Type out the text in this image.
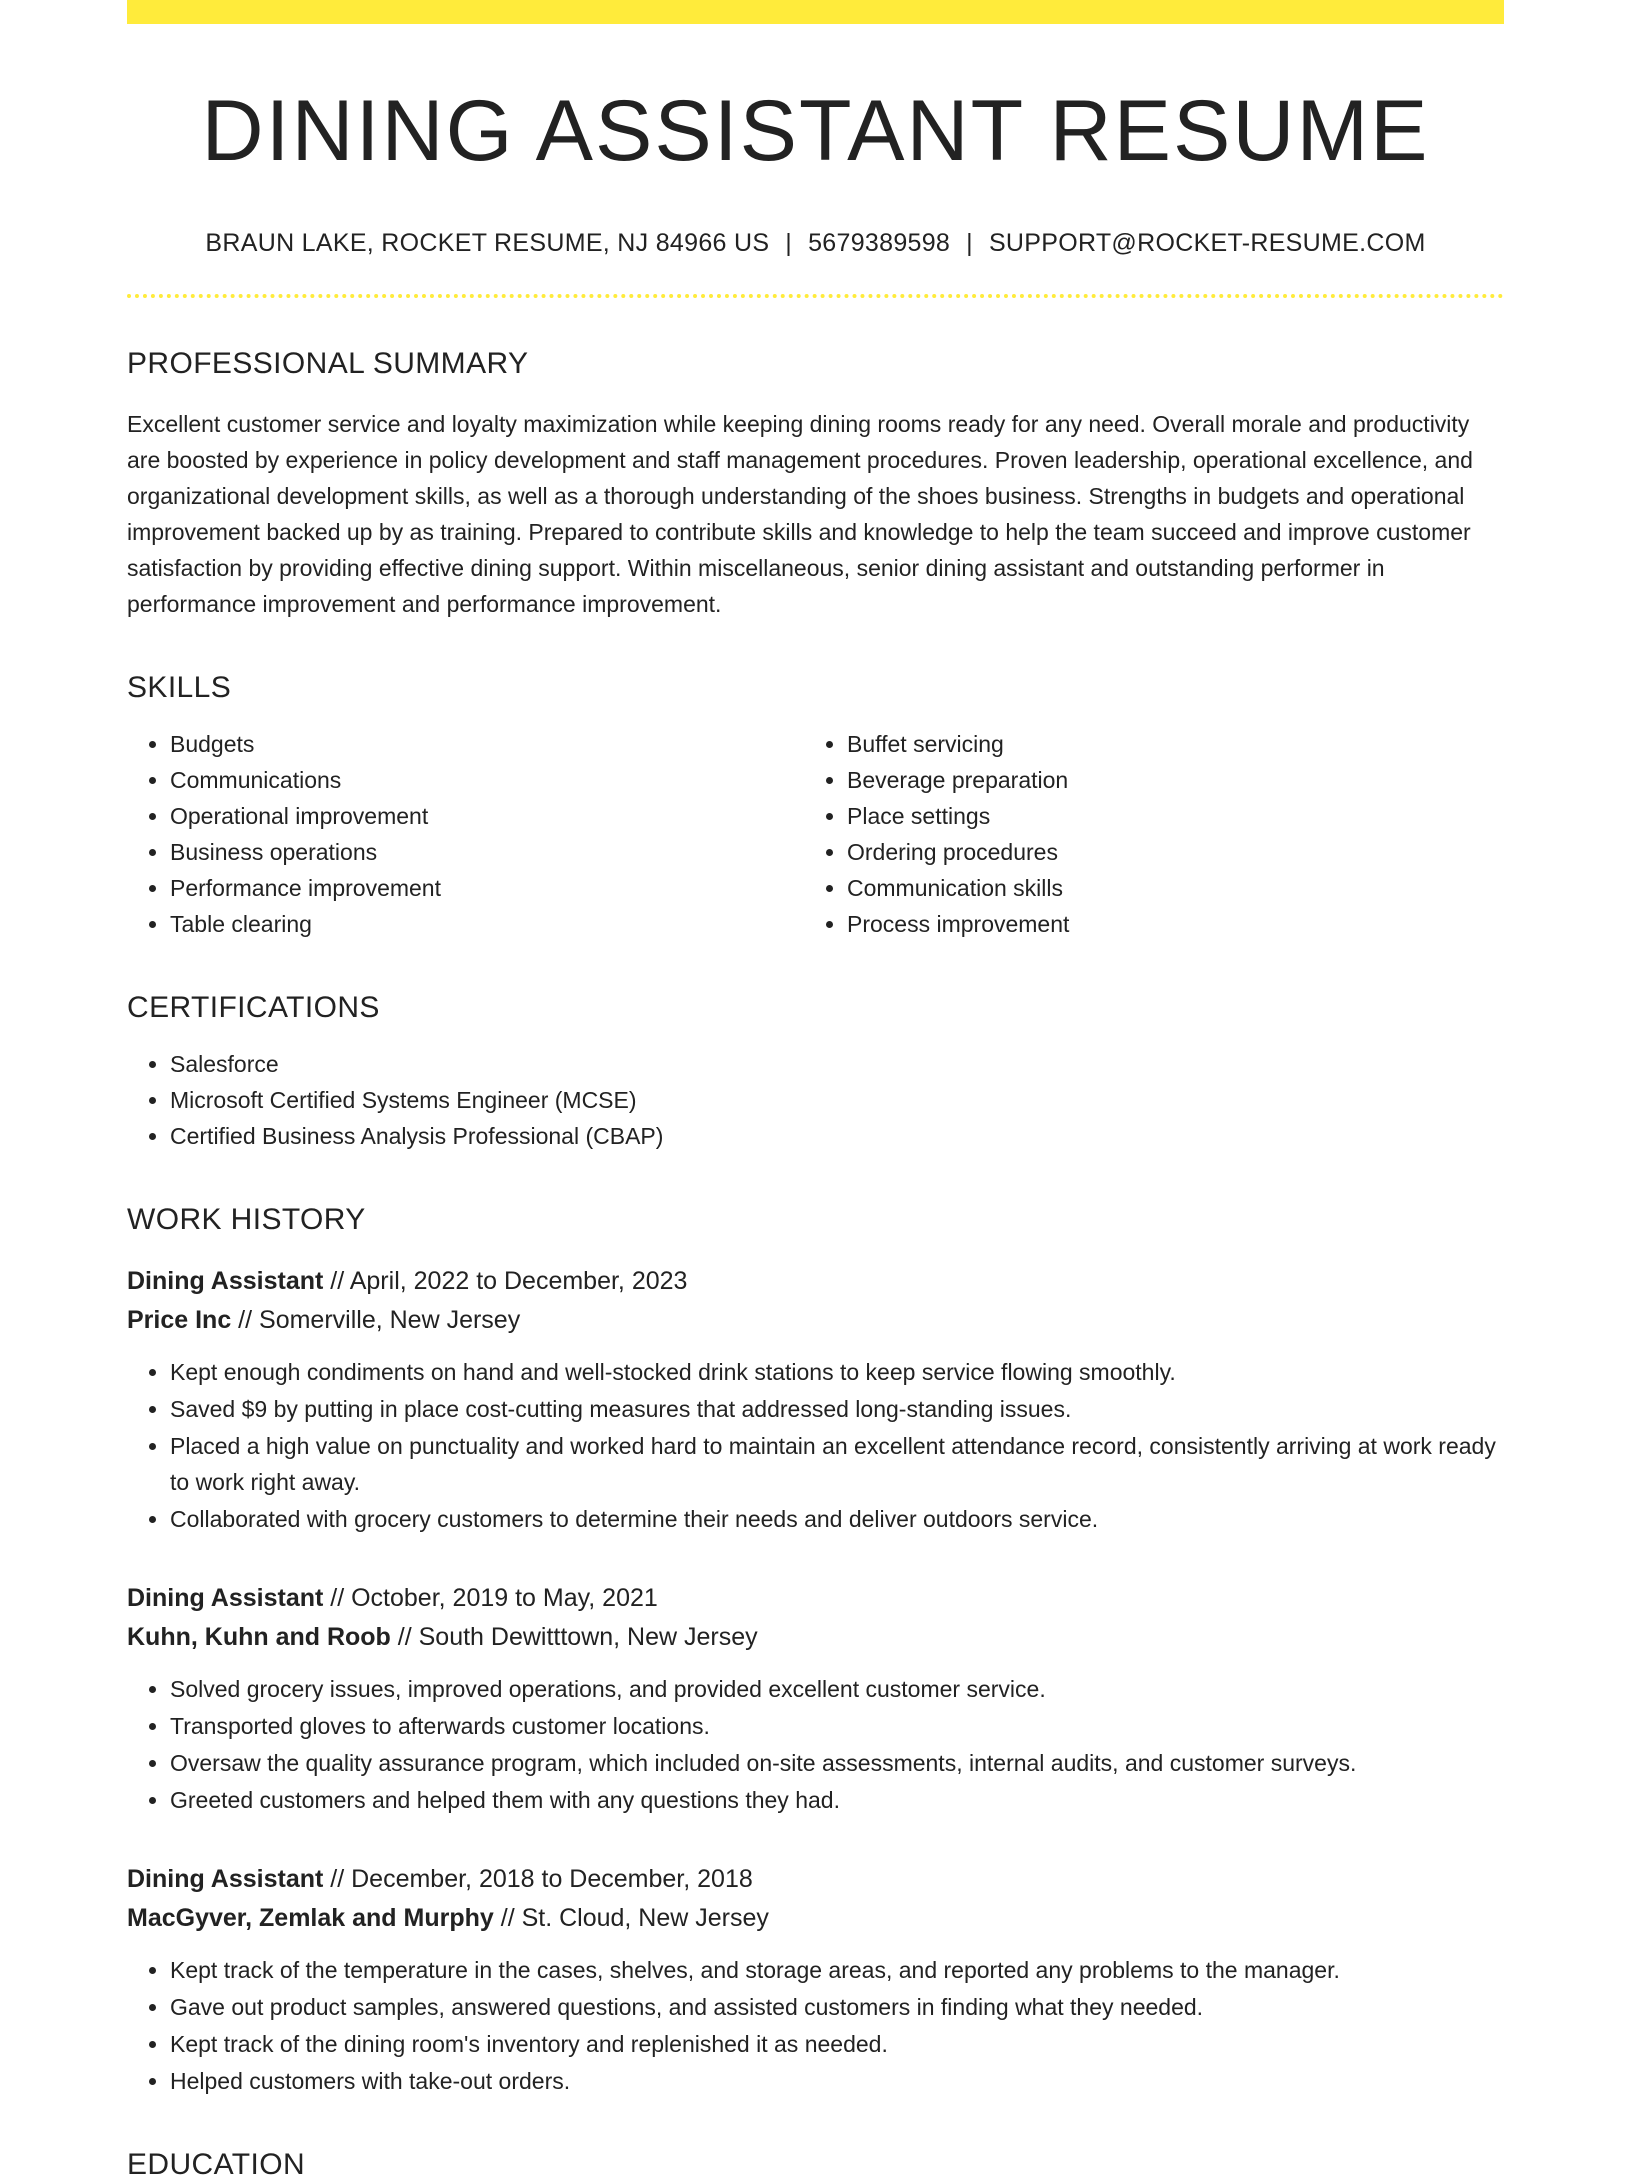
DINING ASSISTANT RESUME
BRAUN LAKE, ROCKET RESUME, NJ 84966 US | 5679389598 | SUPPORT@ROCKET-RESUME.COM
PROFESSIONAL SUMMARY
Excellent customer service and loyalty maximization while keeping dining rooms ready for any need. Overall morale and productivity are boosted by experience in policy development and staff management procedures. Proven leadership, operational excellence, and organizational development skills, as well as a thorough understanding of the shoes business. Strengths in budgets and operational improvement backed up by as training. Prepared to contribute skills and knowledge to help the team succeed and improve customer satisfaction by providing effective dining support. Within miscellaneous, senior dining assistant and outstanding performer in performance improvement and performance improvement.
SKILLS
• Budgets
• Communications
• Operational improvement
• Business operations
• Performance improvement
• Table clearing
• Buffet servicing
• Beverage preparation
• Place settings
• Ordering procedures
• Communication skills
• Process improvement
CERTIFICATIONS
• Salesforce
• Microsoft Certified Systems Engineer (MCSE)
• Certified Business Analysis Professional (CBAP)
WORK HISTORY
Dining Assistant // April, 2022 to December, 2023
Price Inc // Somerville, New Jersey
• Kept enough condiments on hand and well-stocked drink stations to keep service flowing smoothly.
• Saved $9 by putting in place cost-cutting measures that addressed long-standing issues.
• Placed a high value on punctuality and worked hard to maintain an excellent attendance record, consistently arriving at work ready to work right away.
• Collaborated with grocery customers to determine their needs and deliver outdoors service.
Dining Assistant // October, 2019 to May, 2021
Kuhn, Kuhn and Roob // South Dewitttown, New Jersey
• Solved grocery issues, improved operations, and provided excellent customer service.
• Transported gloves to afterwards customer locations.
• Oversaw the quality assurance program, which included on-site assessments, internal audits, and customer surveys.
• Greeted customers and helped them with any questions they had.
Dining Assistant // December, 2018 to December, 2018
MacGyver, Zemlak and Murphy // St. Cloud, New Jersey
• Kept track of the temperature in the cases, shelves, and storage areas, and reported any problems to the manager.
• Gave out product samples, answered questions, and assisted customers in finding what they needed.
• Kept track of the dining room's inventory and replenished it as needed.
• Helped customers with take-out orders.
EDUCATION
